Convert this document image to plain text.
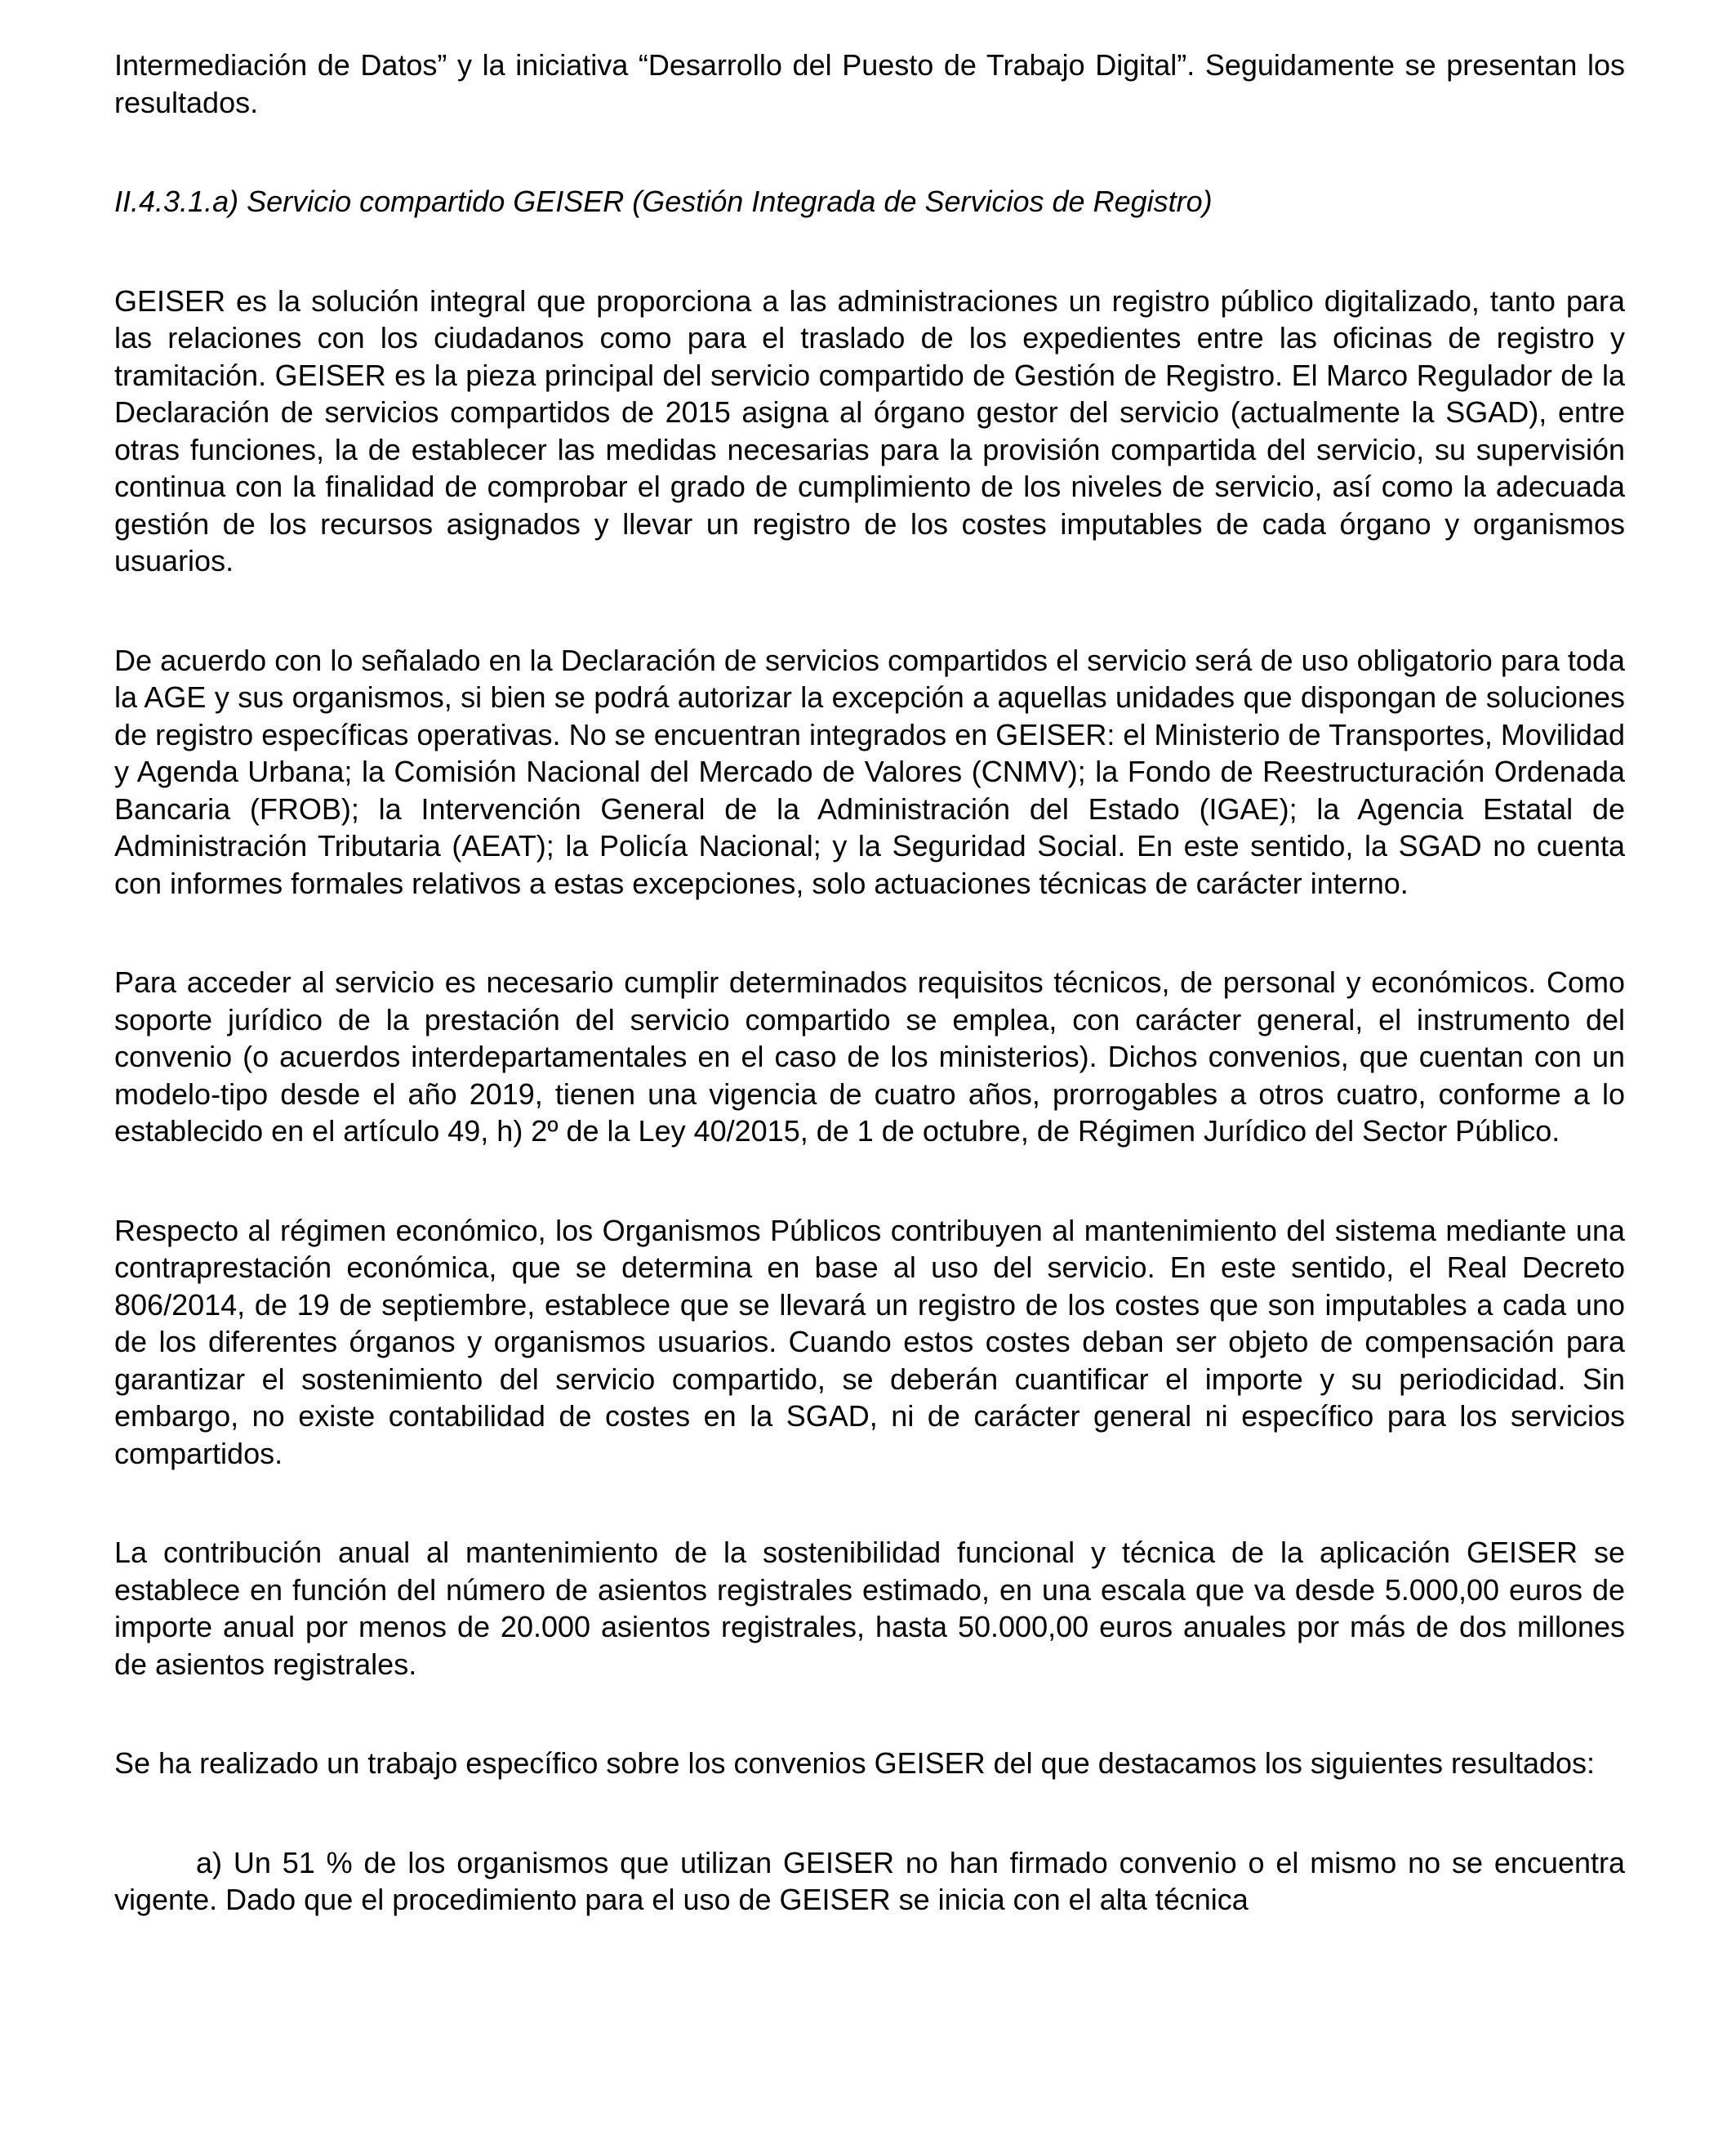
Intermediación de Datos” y la iniciativa “Desarrollo del Puesto de Trabajo Digital”. Seguidamente se presentan los resultados.

II.4.3.1.a) Servicio compartido GEISER (Gestión Integrada de Servicios de Registro)

GEISER es la solución integral que proporciona a las administraciones un registro público digitalizado, tanto para las relaciones con los ciudadanos como para el traslado de los expedientes entre las oficinas de registro y tramitación. GEISER es la pieza principal del servicio compartido de Gestión de Registro. El Marco Regulador de la Declaración de servicios compartidos de 2015 asigna al órgano gestor del servicio (actualmente la SGAD), entre otras funciones, la de establecer las medidas necesarias para la provisión compartida del servicio, su supervisión continua con la finalidad de comprobar el grado de cumplimiento de los niveles de servicio, así como la adecuada gestión de los recursos asignados y llevar un registro de los costes imputables de cada órgano y organismos usuarios.

De acuerdo con lo señalado en la Declaración de servicios compartidos el servicio será de uso obligatorio para toda la AGE y sus organismos, si bien se podrá autorizar la excepción a aquellas unidades que dispongan de soluciones de registro específicas operativas. No se encuentran integrados en GEISER: el Ministerio de Transportes, Movilidad y Agenda Urbana; la Comisión Nacional del Mercado de Valores (CNMV); la Fondo de Reestructuración Ordenada Bancaria (FROB); la Intervención General de la Administración del Estado (IGAE); la Agencia Estatal de Administración Tributaria (AEAT); la Policía Nacional; y la Seguridad Social. En este sentido, la SGAD no cuenta con informes formales relativos a estas excepciones, solo actuaciones técnicas de carácter interno.

Para acceder al servicio es necesario cumplir determinados requisitos técnicos, de personal y económicos. Como soporte jurídico de la prestación del servicio compartido se emplea, con carácter general, el instrumento del convenio (o acuerdos interdepartamentales en el caso de los ministerios). Dichos convenios, que cuentan con un modelo-tipo desde el año 2019, tienen una vigencia de cuatro años, prorrogables a otros cuatro, conforme a lo establecido en el artículo 49, h) 2º de la Ley 40/2015, de 1 de octubre, de Régimen Jurídico del Sector Público.

Respecto al régimen económico, los Organismos Públicos contribuyen al mantenimiento del sistema mediante una contraprestación económica, que se determina en base al uso del servicio. En este sentido, el Real Decreto 806/2014, de 19 de septiembre, establece que se llevará un registro de los costes que son imputables a cada uno de los diferentes órganos y organismos usuarios. Cuando estos costes deban ser objeto de compensación para garantizar el sostenimiento del servicio compartido, se deberán cuantificar el importe y su periodicidad. Sin embargo, no existe contabilidad de costes en la SGAD, ni de carácter general ni específico para los servicios compartidos.

La contribución anual al mantenimiento de la sostenibilidad funcional y técnica de la aplicación GEISER se establece en función del número de asientos registrales estimado, en una escala que va desde 5.000,00 euros de importe anual por menos de 20.000 asientos registrales, hasta 50.000,00 euros anuales por más de dos millones de asientos registrales.

Se ha realizado un trabajo específico sobre los convenios GEISER del que destacamos los siguientes resultados:

a) Un 51 % de los organismos que utilizan GEISER no han firmado convenio o el mismo no se encuentra vigente. Dado que el procedimiento para el uso de GEISER se inicia con el alta técnica
